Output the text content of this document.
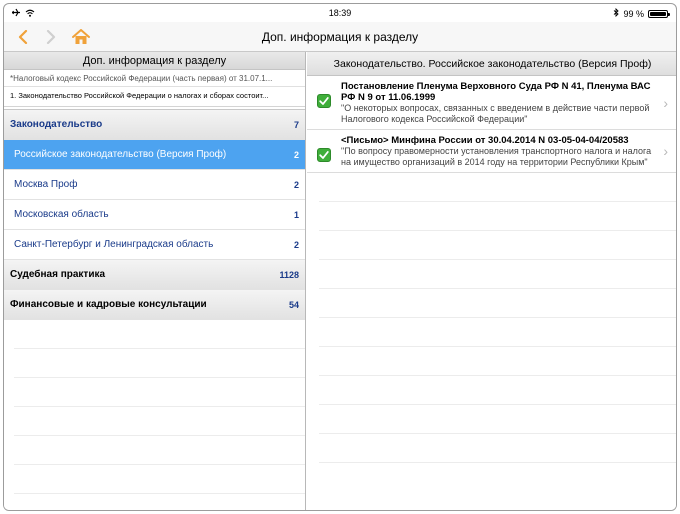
18:39	99 %
Доп. информация к разделу
Доп. информация к разделу
*Налоговый кодекс Российской Федерации (часть первая) от 31.07.1...
1. Законодательство Российской Федерации о налогах и сборах состоит...
Законодательство	7
Российское законодательство (Версия Проф)	2
Москва Проф	2
Московская область	1
Санкт-Петербург и Ленинградская область	2
Судебная практика	1128
Финансовые и кадровые консультации	54
Законодательство. Российское законодательство (Версия Проф)
Постановление Пленума Верховного Суда РФ N 41, Пленума ВАС РФ N 9 от 11.06.1999
"О некоторых вопросах, связанных с введением в действие части первой Налогового кодекса Российской Федерации"
›
<Письмо> Минфина России от 30.04.2014 N 03-05-04-04/20583
"По вопросу правомерности установления транспортного налога и налога на имущество организаций в 2014 году на территории Республики Крым"
›
